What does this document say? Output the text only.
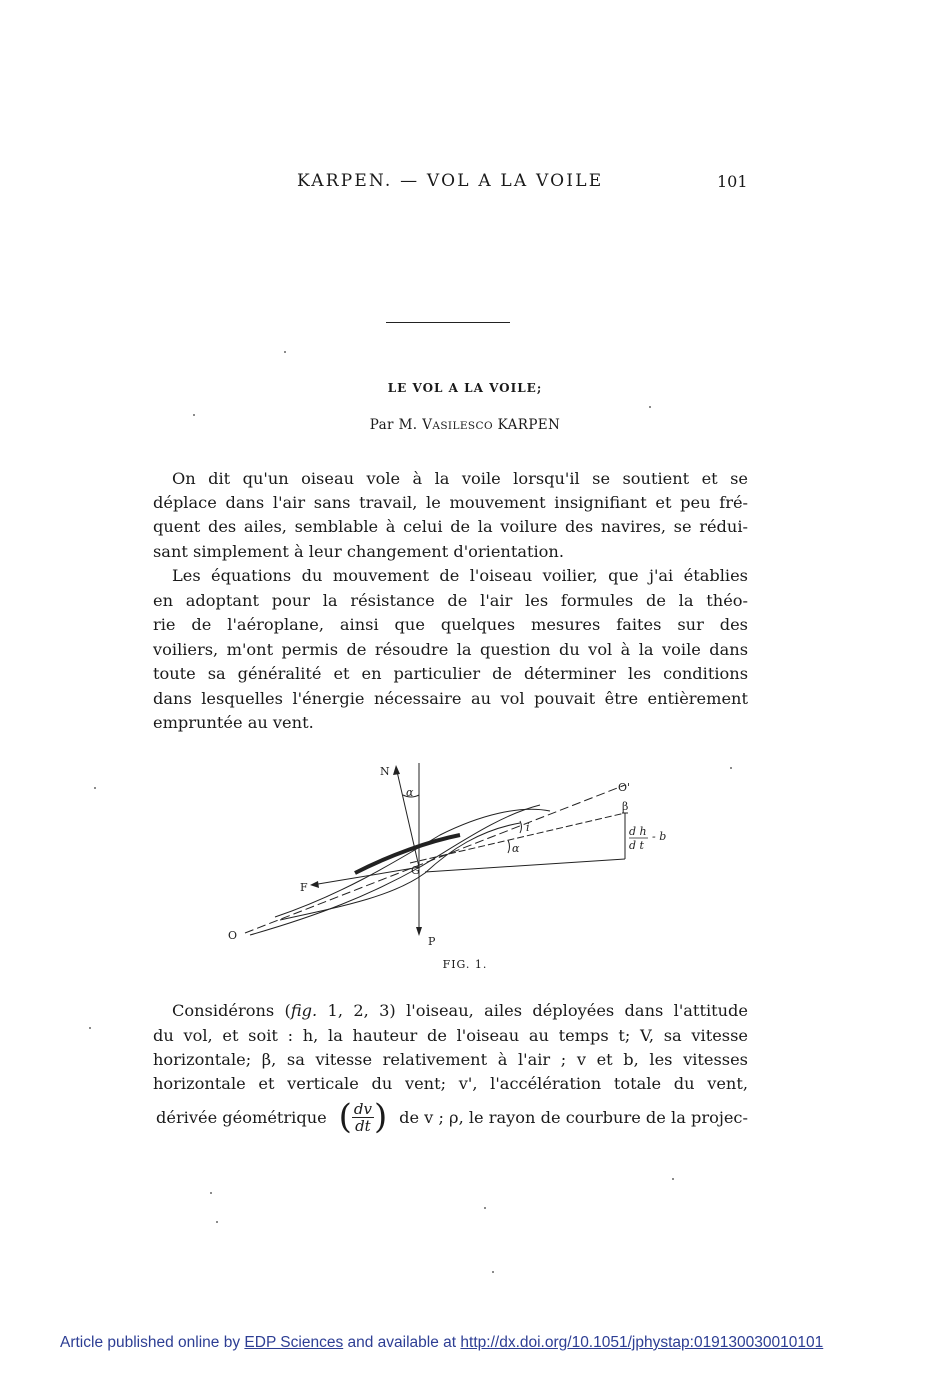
KARPEN. — VOL A LA VOILE	101
LE VOL A LA VOILE;
Par M. VASILESCO KARPEN
On dit qu'un oiseau vole à la voile lorsqu'il se soutient et se
déplace dans l'air sans travail, le mouvement insignifiant et peu fré-
quent des ailes, semblable à celui de la voilure des navires, se rédui-
sant simplement à leur changement d'orientation.
Les équations du mouvement de l'oiseau voilier, que j'ai établies
en adoptant pour la résistance de l'air les formules de la théo-
rie de l'aéroplane, ainsi que quelques mesures faites sur des
voiliers, m'ont permis de résoudre la question du vol à la voile dans
toute sa généralité et en particulier de déterminer les conditions
dans lesquelles l'énergie nécessaire au vol pouvait être entièrement
empruntée au vent.
N
α	O'
β
d h
d t
- b
i
α
G
F
O	P
FIG. 1.
Considérons (fig. 1, 2, 3) l'oiseau, ailes déployées dans l'attitude
du vol, et soit : h, la hauteur de l'oiseau au temps t; V, sa vitesse
horizontale; β, sa vitesse relativement à l'air ; v et b, les vitesses
horizontale et verticale du vent; v', l'accélération totale du vent,
dérivée géométrique ( $\frac{dv}{dt}$ ) de v ; ρ, le rayon de courbure de la projec-
Article published online by EDP Sciences and available at http://dx.doi.org/10.1051/jphystap:019130030010101
